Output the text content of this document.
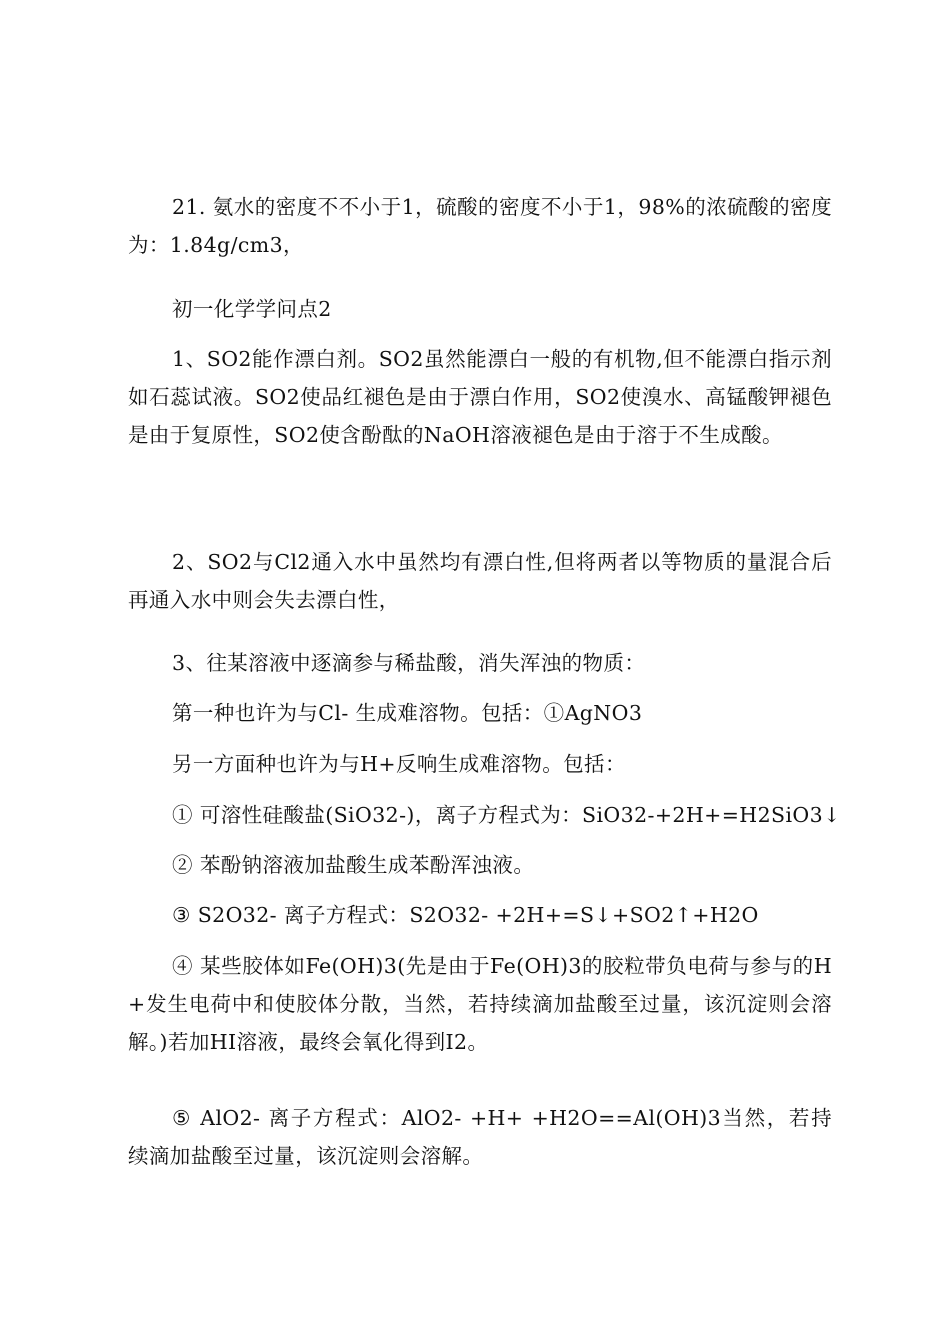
21. 氨水的密度不不小于1，硫酸的密度不小于1，98%的浓硫酸的密度为：1.84g/cm3，

初一化学学问点2

1、SO2能作漂白剂。SO2虽然能漂白一般的有机物,但不能漂白指示剂如石蕊试液。SO2使品红褪色是由于漂白作用，SO2使溴水、高锰酸钾褪色是由于复原性，SO2使含酚酞的NaOH溶液褪色是由于溶于不生成酸。

2、SO2与Cl2通入水中虽然均有漂白性,但将两者以等物质的量混合后再通入水中则会失去漂白性，

3、往某溶液中逐滴参与稀盐酸，消失浑浊的物质：

第一种也许为与Cl- 生成难溶物。包括：①AgNO3

另一方面种也许为与H+反响生成难溶物。包括：

① 可溶性硅酸盐(SiO32-)，离子方程式为：SiO32-+2H+=H2SiO3↓

② 苯酚钠溶液加盐酸生成苯酚浑浊液。

③ S2O32- 离子方程式：S2O32- +2H+=S↓+SO2↑+H2O

④ 某些胶体如Fe(OH)3(先是由于Fe(OH)3的胶粒带负电荷与参与的H+发生电荷中和使胶体分散，当然，若持续滴加盐酸至过量，该沉淀则会溶解。)若加HI溶液，最终会氧化得到I2。

⑤ AlO2- 离子方程式：AlO2- +H+ +H2O==Al(OH)3当然，若持续滴加盐酸至过量，该沉淀则会溶解。
